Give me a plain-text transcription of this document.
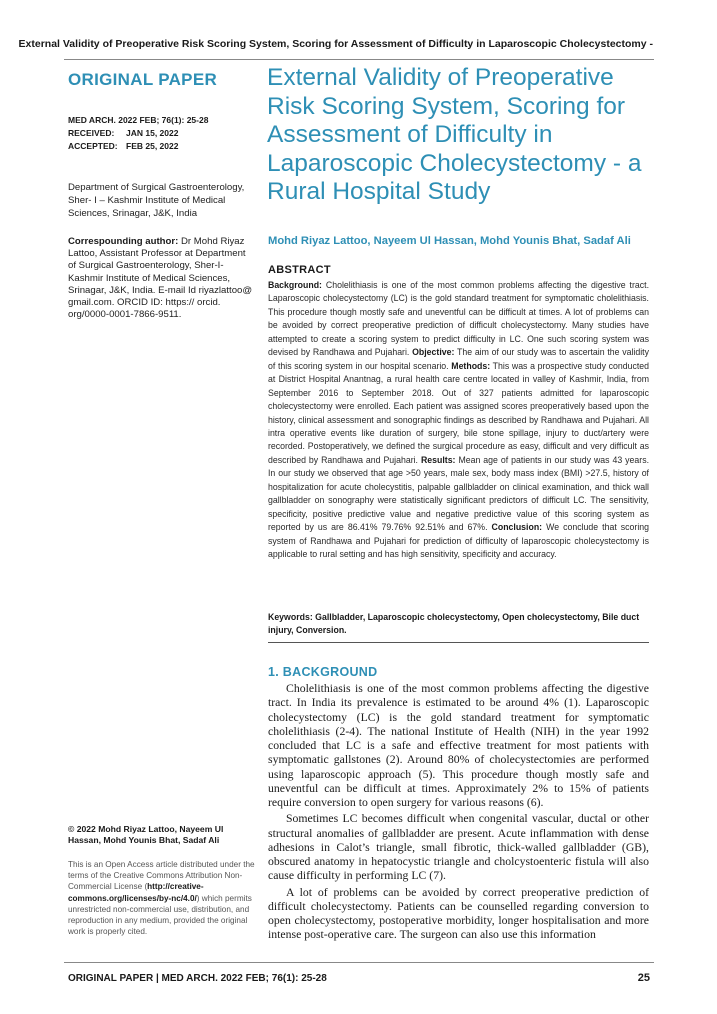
External Validity of Preoperative Risk Scoring System, Scoring for Assessment of Difficulty in Laparoscopic Cholecystectomy -
ORIGINAL PAPER
MED ARCH. 2022 FEB; 76(1): 25-28
RECEIVED: JAN 15, 2022
ACCEPTED: FEB 25, 2022
Department of Surgical Gastroenterology, Sher- I – Kashmir Institute of Medical Sciences, Srinagar, J&K, India
Correspounding author: Dr Mohd Riyaz Lattoo, Assistant Professor at Department of Surgical Gastroenterology, Sher-I-Kashmir Institute of Medical Sciences, Srinagar, J&K, India. E-mail Id riyazlattoo@ gmail.com. ORCID ID: https:// orcid. org/0000-0001-7866-9511.
© 2022 Mohd Riyaz Lattoo, Nayeem Ul Hassan, Mohd Younis Bhat, Sadaf Ali
This is an Open Access article distributed under the terms of the Creative Commons Attribution Non-Commercial License (http://creative-commons.org/licenses/by-nc/4.0/) which permits unrestricted non-commercial use, distribution, and reproduction in any medium, provided the original work is properly cited.
External Validity of Preoperative Risk Scoring System, Scoring for Assessment of Difficulty in Laparoscopic Cholecystectomy - a Rural Hospital Study
Mohd Riyaz Lattoo, Nayeem Ul Hassan, Mohd Younis Bhat, Sadaf Ali
ABSTRACT
Background: Cholelithiasis is one of the most common problems affecting the digestive tract. Laparoscopic cholecystectomy (LC) is the gold standard treatment for symptomatic cholelithiasis. This procedure though mostly safe and uneventful can be difficult at times. A lot of problems can be avoided by correct preoperative prediction of difficult cholecystectomy. Many studies have attempted to create a scoring system to predict difficulty in LC. One such scoring system was devised by Randhawa and Pujahari. Objective: The aim of our study was to ascertain the validity of this scoring system in our hospital scenario. Methods: This was a prospective study conducted at District Hospital Anantnag, a rural health care centre located in valley of Kashmir, India, from September 2016 to September 2018. Out of 327 patients admitted for laparoscopic cholecystectomy were enrolled. Each patient was assigned scores preoperatively based upon the history, clinical assessment and sonographic findings as described by Randhawa and Pujahari. All intra operative events like duration of surgery, bile stone spillage, injury to duct/artery were recorded. Postoperatively, we defined the surgical procedure as easy, difficult and very difficult as described by Randhawa and Pujahari. Results: Mean age of patients in our study was 43 years. In our study we observed that age >50 years, male sex, body mass index (BMI) >27.5, history of hospitalization for acute cholecystitis, palpable gallbladder on clinical examination, and thick wall gallbladder on sonography were statistically significant predictors of difficult LC. The sensitivity, specificity, positive predictive value and negative predictive value of this scoring system as reported by us are 86.41% 79.76% 92.51% and 67%. Conclusion: We conclude that scoring system of Randhawa and Pujahari for prediction of difficulty of laparoscopic cholecystectomy is applicable to rural setting and has high sensitivity, specificity and accuracy.
Keywords: Gallbladder, Laparoscopic cholecystectomy, Open cholecystectomy, Bile duct injury, Conversion.
1. BACKGROUND

Cholelithiasis is one of the most common problems affecting the digestive tract. In India its prevalence is estimated to be around 4% (1). Laparoscopic cholecystectomy (LC) is the gold standard treatment for symptomatic cholelithiasis (2-4). The national Institute of Health (NIH) in the year 1992 concluded that LC is a safe and effective treatment for most patients with symptomatic gallstones (2). Around 80% of cholecystectomies are performed using laparoscopic approach (5). This procedure though mostly safe and uneventful can be difficult at times. Approximately 2% to 15% of patients require conversion to open surgery for various reasons (6).

Sometimes LC becomes difficult when congenital vascular, ductal or other structural anomalies of gallbladder are present. Acute inflammation with dense adhesions in Calot’s triangle, small fibrotic, thick-walled gallbladder (GB), obscured anatomy in hepatocystic triangle and cholcystoenteric fistula will also cause difficulty in performing LC (7).

A lot of problems can be avoided by correct preoperative prediction of difficult cholecystectomy. Patients can be counselled regarding conversion to open cholecystectomy, postoperative morbidity, longer hospitalisation and more intense post-operative care. The surgeon can also use this information

ORIGINAL PAPER | MED ARCH. 2022 FEB; 76(1): 25-28	25
